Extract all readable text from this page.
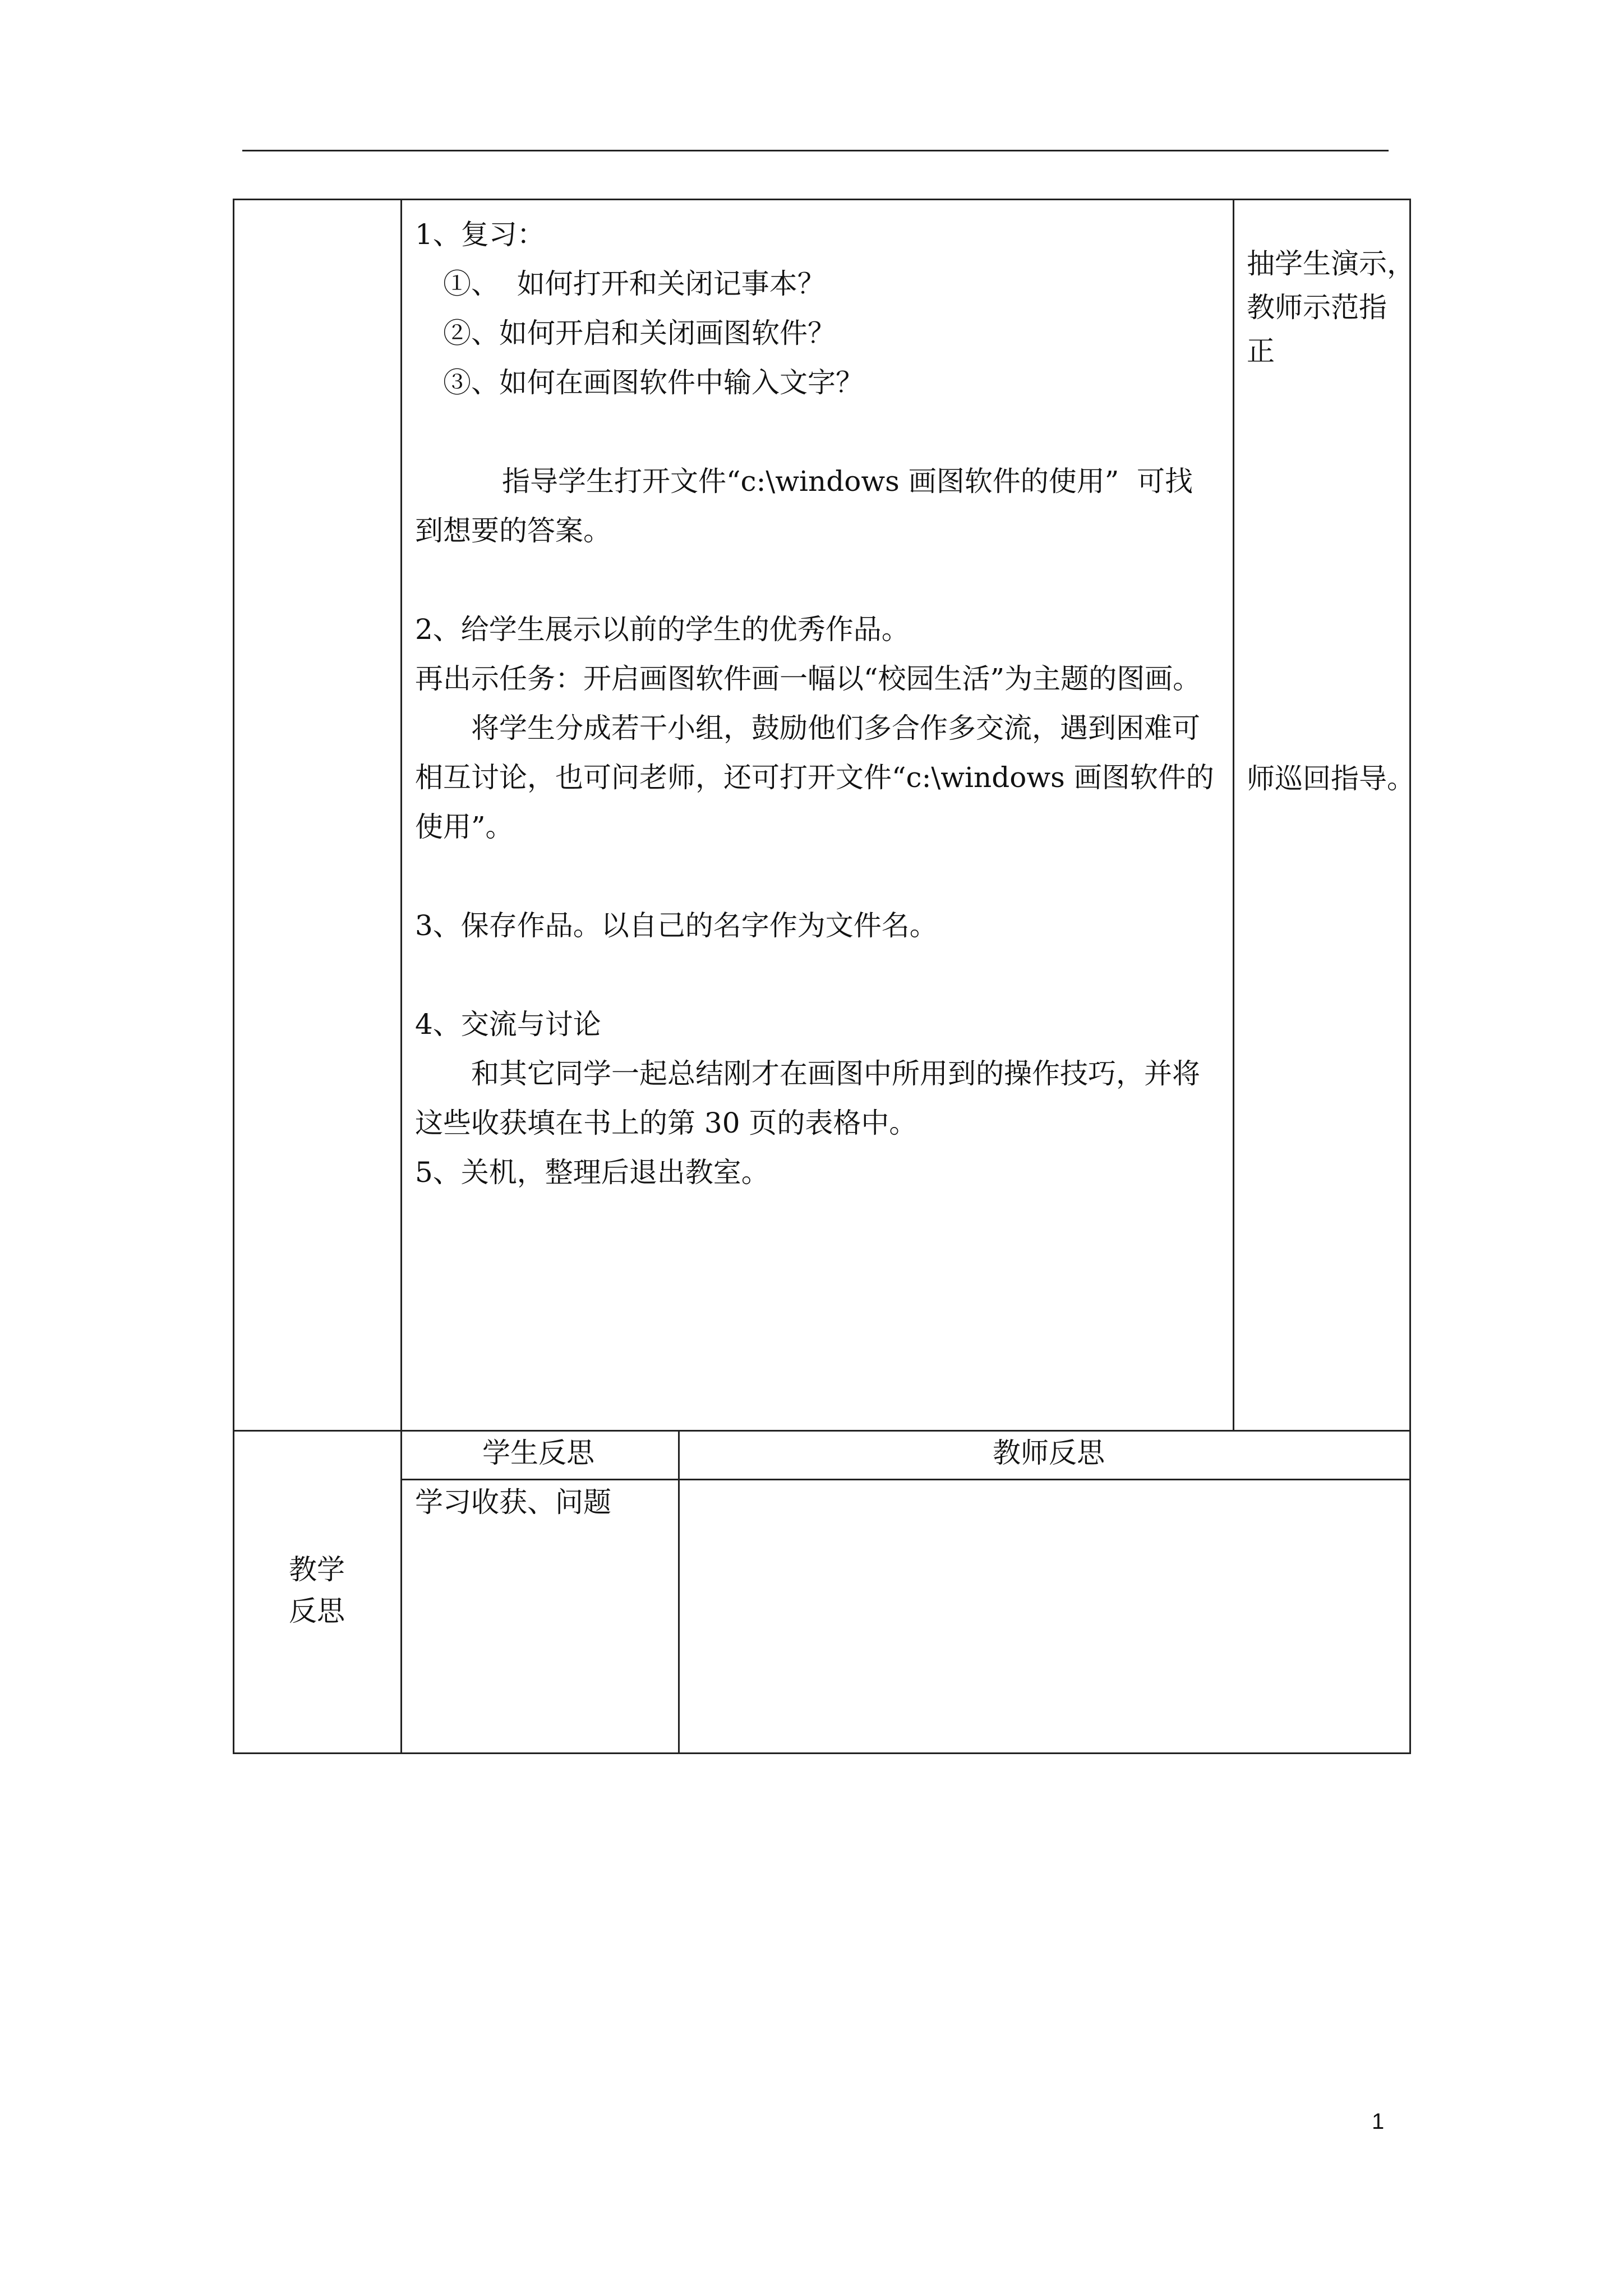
1、复习：
①、  如何打开和关闭记事本？
②、如何开启和关闭画图软件？
③、如何在画图软件中输入文字？
指导学生打开文件“c:\windows 画图软件的使用”  可找
到想要的答案。
2、给学生展示以前的学生的优秀作品。
再出示任务：开启画图软件画一幅以“校园生活”为主题的图画。
将学生分成若干小组，鼓励他们多合作多交流，遇到困难可
相互讨论，也可问老师，还可打开文件“c:\windows 画图软件的
使用”。
3、保存作品。以自己的名字作为文件名。
4、交流与讨论
和其它同学一起总结刚才在画图中所用到的操作技巧，并将
这些收获填在书上的第 30 页的表格中。
5、关机，整理后退出教室。
抽学生演示，
教师示范指
正
师巡回指导。
教学
反思
学生反思	教师反思
学习收获、问题
1
